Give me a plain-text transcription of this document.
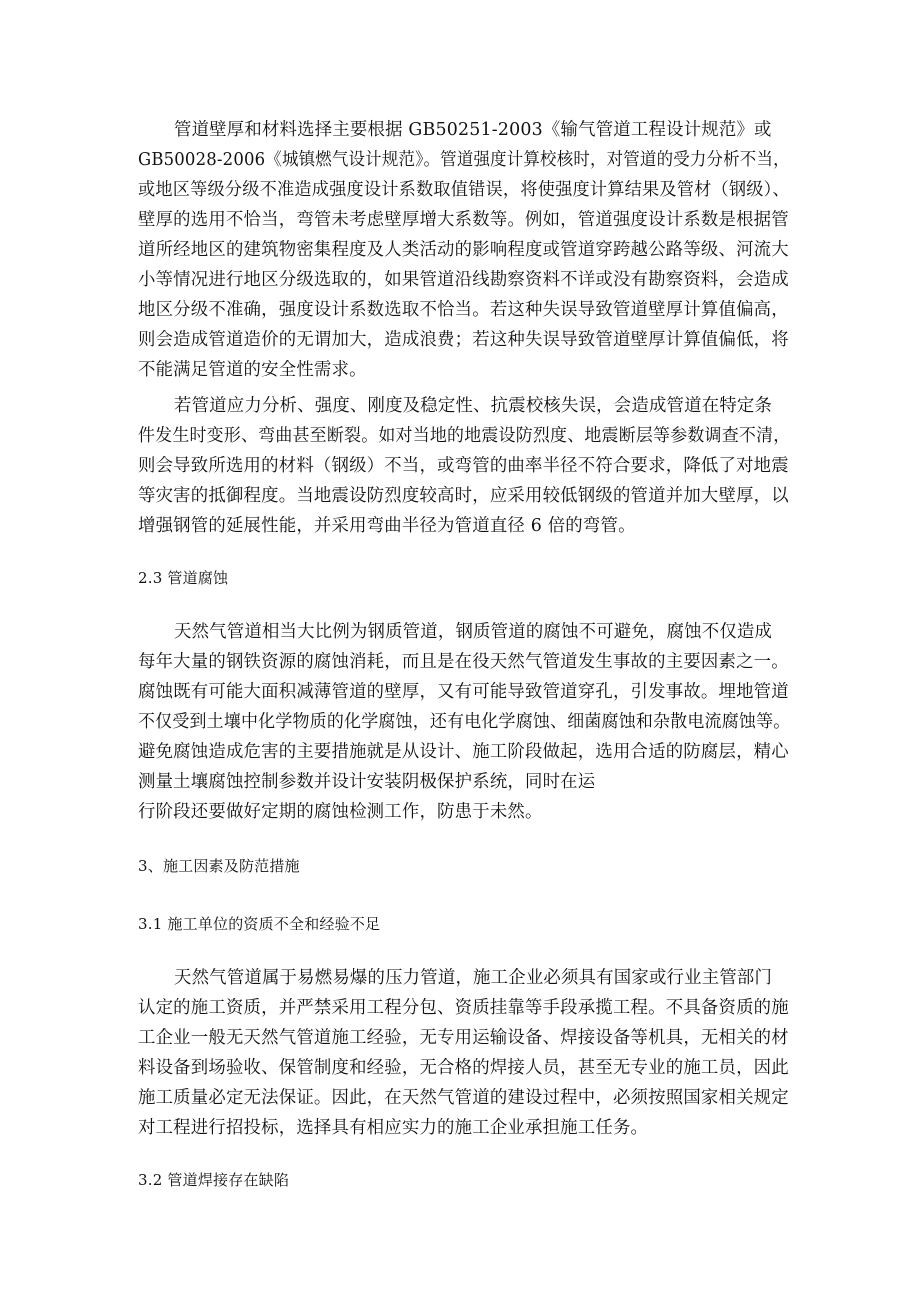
管道壁厚和材料选择主要根据 GB50251-2003《输气管道工程设计规范》或
GB50028-2006《城镇燃气设计规范》。管道强度计算校核时，对管道的受力分析不当，
或地区等级分级不准造成强度设计系数取值错误，将使强度计算结果及管材（钢级）、
壁厚的选用不恰当，弯管未考虑壁厚增大系数等。例如，管道强度设计系数是根据管
道所经地区的建筑物密集程度及人类活动的影响程度或管道穿跨越公路等级、河流大
小等情况进行地区分级选取的，如果管道沿线勘察资料不详或没有勘察资料，会造成
地区分级不准确，强度设计系数选取不恰当。若这种失误导致管道壁厚计算值偏高，
则会造成管道造价的无谓加大，造成浪费；若这种失误导致管道壁厚计算值偏低，将
不能满足管道的安全性需求。
若管道应力分析、强度、刚度及稳定性、抗震校核失误，会造成管道在特定条
件发生时变形、弯曲甚至断裂。如对当地的地震设防烈度、地震断层等参数调查不清，
则会导致所选用的材料（钢级）不当，或弯管的曲率半径不符合要求，降低了对地震
等灾害的抵御程度。当地震设防烈度较高时，应采用较低钢级的管道并加大壁厚，以
增强钢管的延展性能，并采用弯曲半径为管道直径 6 倍的弯管。
2.3 管道腐蚀
天然气管道相当大比例为钢质管道，钢质管道的腐蚀不可避免，腐蚀不仅造成
每年大量的钢铁资源的腐蚀消耗，而且是在役天然气管道发生事故的主要因素之一。
腐蚀既有可能大面积减薄管道的壁厚，又有可能导致管道穿孔，引发事故。埋地管道
不仅受到土壤中化学物质的化学腐蚀，还有电化学腐蚀、细菌腐蚀和杂散电流腐蚀等。
避免腐蚀造成危害的主要措施就是从设计、施工阶段做起，选用合适的防腐层，精心
测量土壤腐蚀控制参数并设计安装阴极保护系统，同时在运
行阶段还要做好定期的腐蚀检测工作，防患于未然。
3、施工因素及防范措施
3.1 施工单位的资质不全和经验不足
天然气管道属于易燃易爆的压力管道，施工企业必须具有国家或行业主管部门
认定的施工资质，并严禁采用工程分包、资质挂靠等手段承揽工程。不具备资质的施
工企业一般无天然气管道施工经验，无专用运输设备、焊接设备等机具，无相关的材
料设备到场验收、保管制度和经验，无合格的焊接人员，甚至无专业的施工员，因此
施工质量必定无法保证。因此，在天然气管道的建设过程中，必须按照国家相关规定
对工程进行招投标，选择具有相应实力的施工企业承担施工任务。
3.2 管道焊接存在缺陷
